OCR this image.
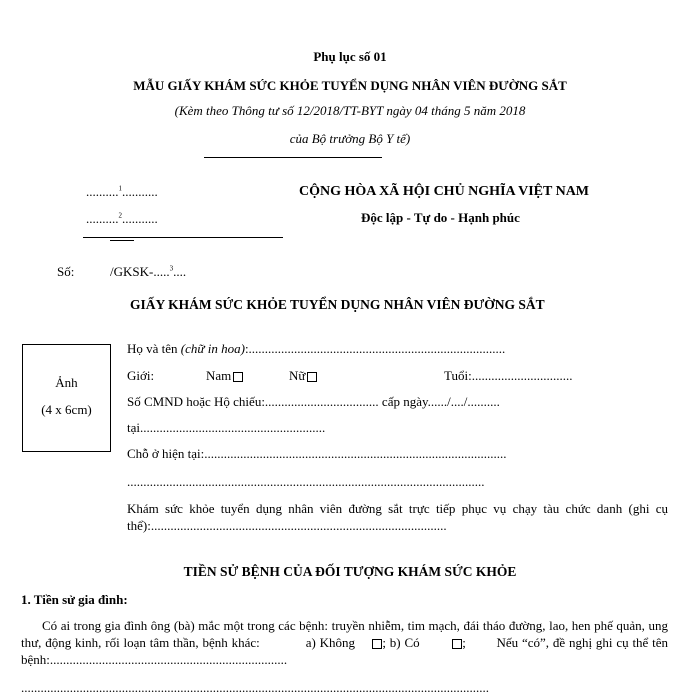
Phụ lục số 01
MẪU GIẤY KHÁM SỨC KHỎE TUYỂN DỤNG NHÂN VIÊN ĐƯỜNG SẮT
(Kèm theo Thông tư số 12/2018/TT-BYT ngày 04 tháng 5 năm 2018
của Bộ trưởng Bộ Y tế)
..........$^1$...........
..........$^2$...........
CỘNG HÒA XÃ HỘI CHỦ NGHĨA VIỆT NAM
Độc lập - Tự do - Hạnh phúc
Số:	/GKSK-.....$^3$....
GIẤY KHÁM SỨC KHỎE TUYỂN DỤNG NHÂN VIÊN ĐƯỜNG SẮT
Ảnh
(4 x 6cm)
Họ và tên (chữ in hoa):...............................................................................
Giới:	Nam	Nữ	Tuổi:...............................
Số CMND hoặc Hộ chiếu:................................... cấp ngày....../..../..........
tại.........................................................
Chỗ ở hiện tại:.............................................................................................
..............................................................................................................
Khám sức khỏe tuyển dụng nhân viên đường sắt trực tiếp phục vụ chạy tàu chức danh (ghi cụ thể):...........................................................................................
TIỀN SỬ BỆNH CỦA ĐỐI TƯỢNG KHÁM SỨC KHỎE
1. Tiền sử gia đình:
Có ai trong gia đình ông (bà) mắc một trong các bệnh: truyền nhiễm, tim mạch, đái tháo đường, lao, hen phế quản, ung thư, động kinh, rối loạn tâm thần, bệnh khác:	a) Không ; b) Có	; Nếu “có”, đề nghị ghi cụ thể tên bệnh:.........................................................................
................................................................................................................................................
